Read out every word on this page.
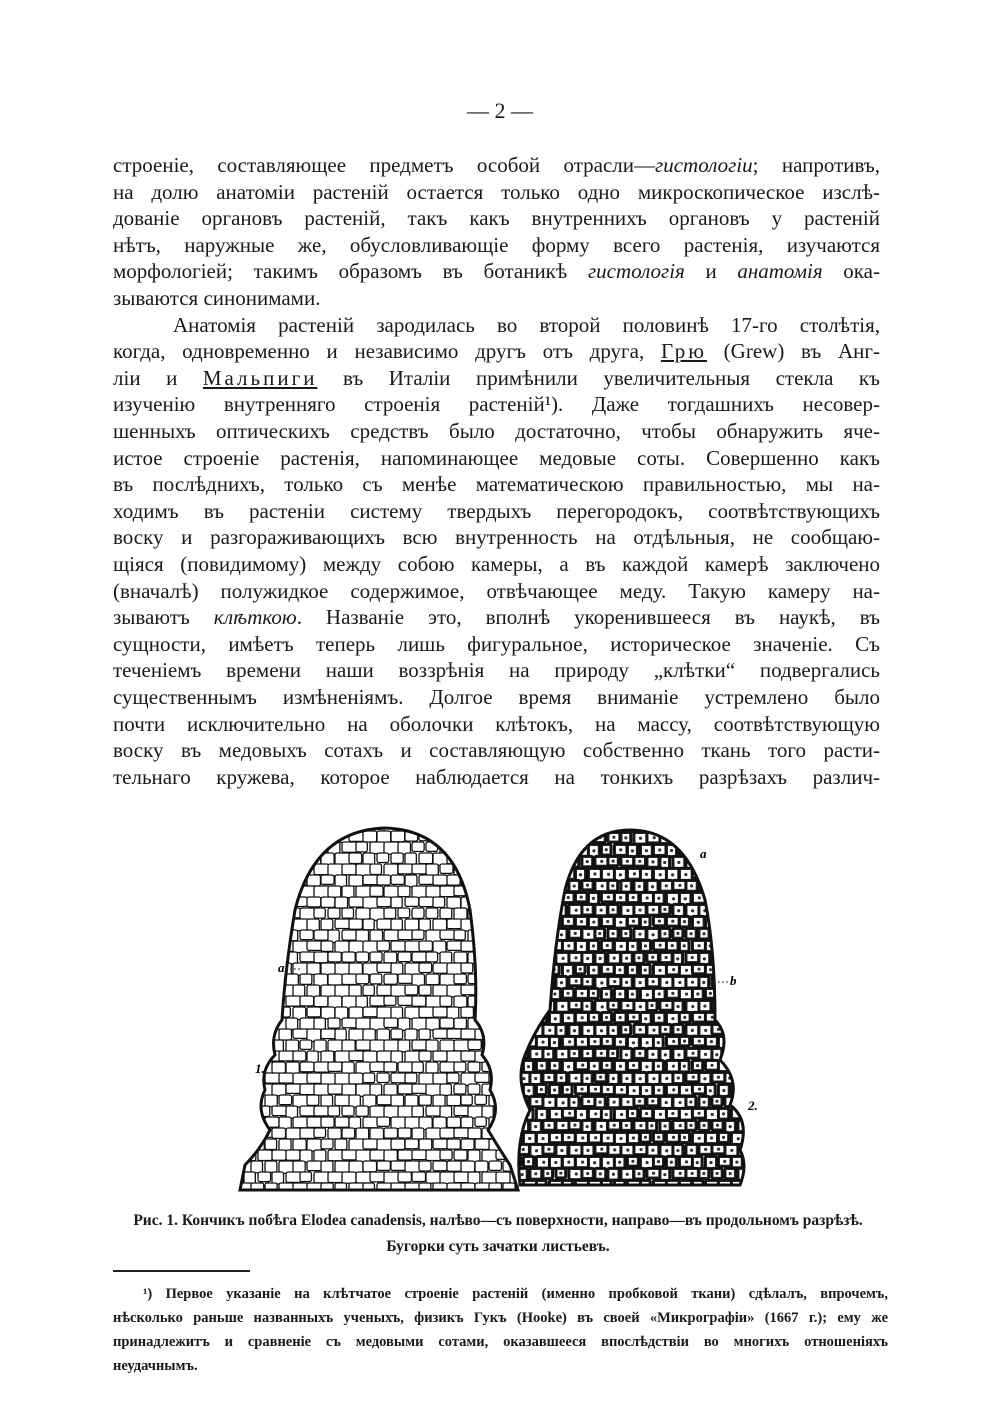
— 2 —
строеніе, составляющее предметъ особой отрасли—гистологіи; напротивъ,
на долю анатоміи растеній остается только одно микроскопическое изслѣ-
дованіе органовъ растеній, такъ какъ внутреннихъ органовъ у растеній
нѣтъ, наружные же, обусловливающіе форму всего растенія, изучаются
морфологіей; такимъ образомъ въ ботаникѣ гистологія и анатомія ока-
зываются синонимами.
Анатомія растеній зародилась во второй половинѣ 17-го столѣтія,
когда, одновременно и независимо другъ отъ друга, Грю (Grew) въ Анг-
ліи и Мальпиги въ Италіи примѣнили увеличительныя стекла къ
изученію внутренняго строенія растеній¹). Даже тогдашнихъ несовер-
шенныхъ оптическихъ средствъ было достаточно, чтобы обнаружить яче-
истое строеніе растенія, напоминающее медовые соты. Совершенно какъ
въ послѣднихъ, только съ менѣе математическою правильностью, мы на-
ходимъ въ растеніи систему твердыхъ перегородокъ, соотвѣтствующихъ
воску и разгораживающихъ всю внутренность на отдѣльныя, не сообщаю-
щіяся (повидимому) между собою камеры, а въ каждой камерѣ заключено
(вначалѣ) полужидкое содержимое, отвѣчающее меду. Такую камеру на-
зываютъ клѣткою. Названіе это, вполнѣ укоренившееся въ наукѣ, въ
сущности, имѣетъ теперь лишь фигуральное, историческое значеніе. Съ
теченіемъ времени наши воззрѣнія на природу „клѣтки“ подвергались
существеннымъ измѣненіямъ. Долгое время вниманіе устремлено было
почти исключительно на оболочки клѣтокъ, на массу, соотвѣтствующую
воску въ медовыхъ сотахъ и составляющую собственно ткань того расти-
тельнаго кружева, которое наблюдается на тонкихъ разрѣзахъ различ-
a
1.
a
b
2.
Рис. 1. Кончикъ побѣга Elodea canadensis, налѣво—съ поверхности, направо—въ продольномъ разрѣзѣ.
Бугорки суть зачатки листьевъ.
¹) Первое указаніе на клѣтчатое строеніе растеній (именно пробковой ткани) сдѣлалъ, впрочемъ,
нѣсколько раньше названныхъ ученыхъ, физикъ Гукъ (Hooke) въ своей «Микрографіи» (1667 г.); ему же
принадлежитъ и сравненіе съ медовыми сотами, оказавшееся впослѣдствіи во многихъ отношеніяхъ
неудачнымъ.
